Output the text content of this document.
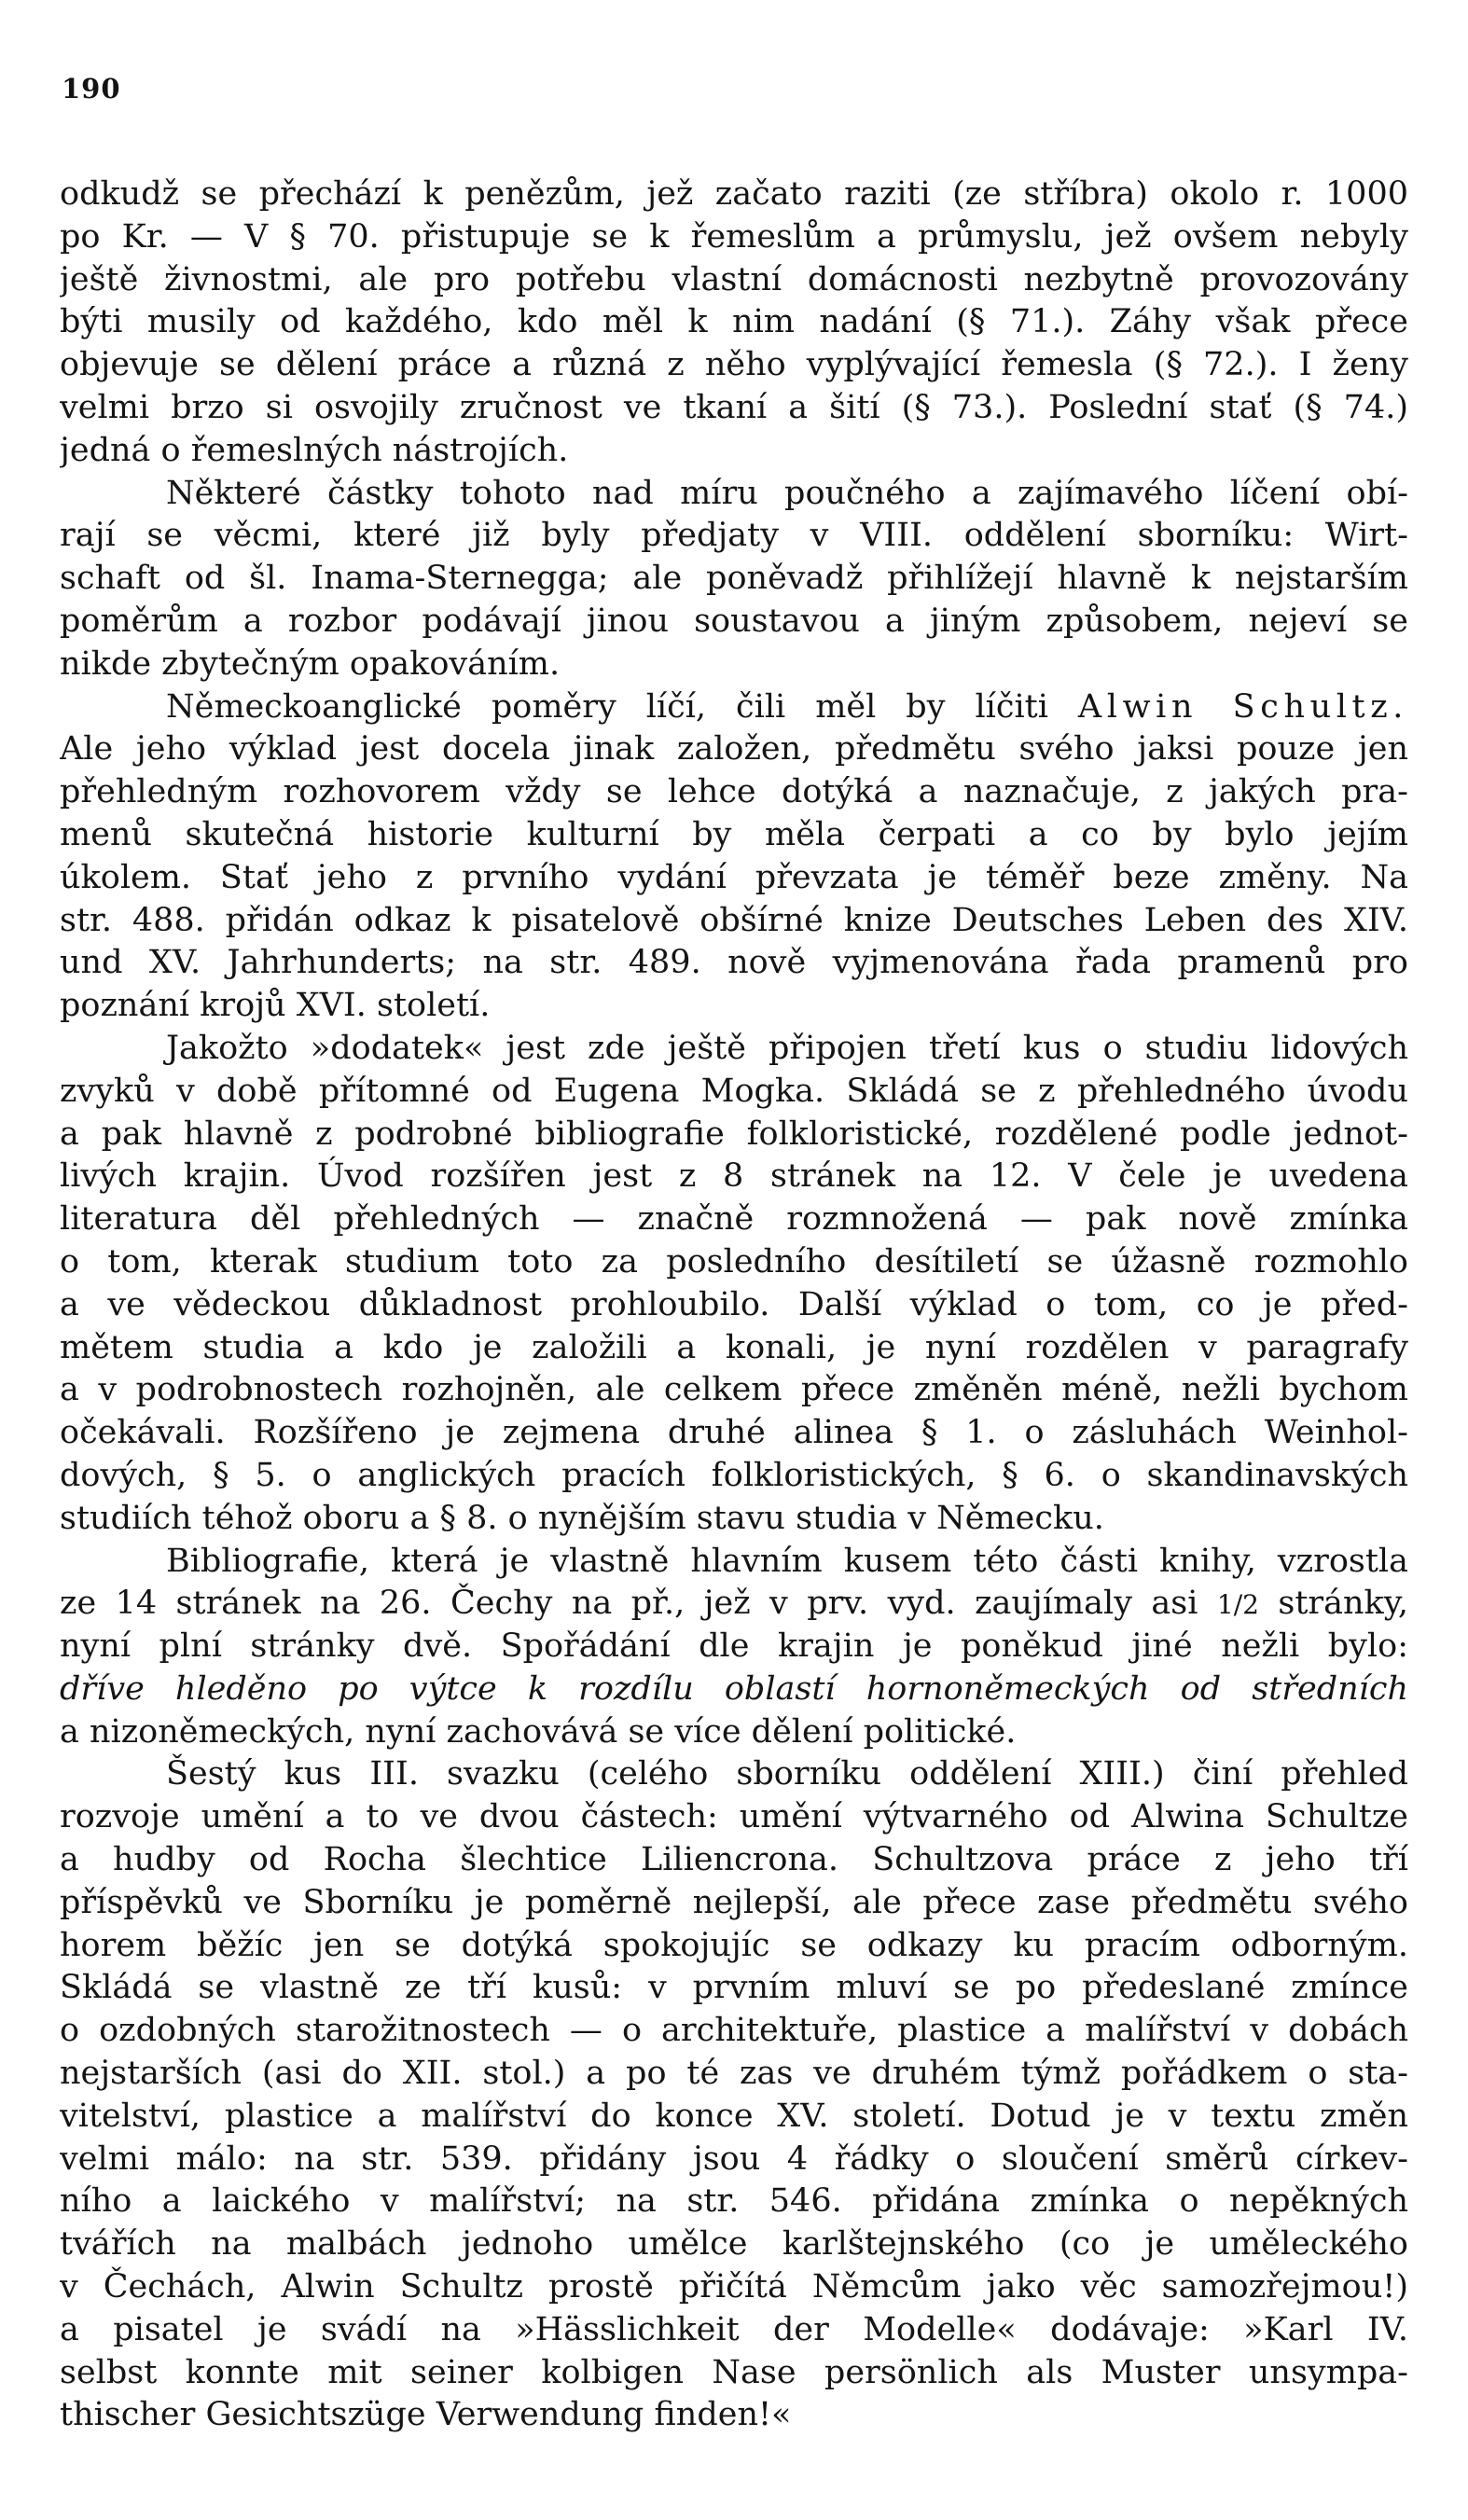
190
odkudž se přechází k penězům, jež začato raziti (ze stříbra) okolo r. 1000
po Kr. — V § 70. přistupuje se k řemeslům a průmyslu, jež ovšem nebyly
ještě živnostmi, ale pro potřebu vlastní domácnosti nezbytně provozovány
býti musily od každého, kdo měl k nim nadání (§ 71.). Záhy však přece
objevuje se dělení práce a různá z něho vyplývající řemesla (§ 72.). I ženy
velmi brzo si osvojily zručnost ve tkaní a šití (§ 73.). Poslední stať (§ 74.)
jedná o řemeslných nástrojích.
Některé částky tohoto nad míru poučného a zajímavého líčení obí-
rají se věcmi, které již byly předjaty v VIII. oddělení sborníku: Wirt-
schaft od šl. Inama-Sternegga; ale poněvadž přihlížejí hlavně k nejstarším
poměrům a rozbor podávají jinou soustavou a jiným způsobem, nejeví se
nikde zbytečným opakováním.
Německoanglické poměry líčí, čili měl by líčiti Alwin Schultz.
Ale jeho výklad jest docela jinak založen, předmětu svého jaksi pouze jen
přehledným rozhovorem vždy se lehce dotýká a naznačuje, z jakých pra-
menů skutečná historie kulturní by měla čerpati a co by bylo jejím
úkolem. Stať jeho z prvního vydání převzata je téměř beze změny. Na
str. 488. přidán odkaz k pisatelově obšírné knize Deutsches Leben des XIV.
und XV. Jahrhunderts; na str. 489. nově vyjmenována řada pramenů pro
poznání krojů XVI. století.
Jakožto »dodatek« jest zde ještě připojen třetí kus o studiu lidových
zvyků v době přítomné od Eugena Mogka. Skládá se z přehledného úvodu
a pak hlavně z podrobné bibliografie folkloristické, rozdělené podle jednot-
livých krajin. Úvod rozšířen jest z 8 stránek na 12. V čele je uvedena
literatura děl přehledných — značně rozmnožená — pak nově zmínka
o tom, kterak studium toto za posledního desítiletí se úžasně rozmohlo
a ve vědeckou důkladnost prohloubilo. Další výklad o tom, co je před-
mětem studia a kdo je založili a konali, je nyní rozdělen v paragrafy
a v podrobnostech rozhojněn, ale celkem přece změněn méně, nežli bychom
očekávali. Rozšířeno je zejmena druhé alinea § 1. o zásluhách Weinhol-
dových, § 5. o anglických pracích folkloristických, § 6. o skandinavských
studiích téhož oboru a § 8. o nynějším stavu studia v Německu.
Bibliografie, která je vlastně hlavním kusem této části knihy, vzrostla
ze 14 stránek na 26. Čechy na př., jež v prv. vyd. zaujímaly asi 1/2 stránky,
nyní plní stránky dvě. Spořádání dle krajin je poněkud jiné nežli bylo:
dříve hleděno po výtce k rozdílu oblastí hornoněmeckých od středních
a nizoněmeckých, nyní zachovává se více dělení politické.
Šestý kus III. svazku (celého sborníku oddělení XIII.) činí přehled
rozvoje umění a to ve dvou částech: umění výtvarného od Alwina Schultze
a hudby od Rocha šlechtice Liliencrona. Schultzova práce z jeho tří
příspěvků ve Sborníku je poměrně nejlepší, ale přece zase předmětu svého
horem běžíc jen se dotýká spokojujíc se odkazy ku pracím odborným.
Skládá se vlastně ze tří kusů: v prvním mluví se po předeslané zmínce
o ozdobných starožitnostech — o architektuře, plastice a malířství v dobách
nejstarších (asi do XII. stol.) a po té zas ve druhém týmž pořádkem o sta-
vitelství, plastice a malířství do konce XV. století. Dotud je v textu změn
velmi málo: na str. 539. přidány jsou 4 řádky o sloučení směrů církev-
ního a laického v malířství; na str. 546. přidána zmínka o nepěkných
tvářích na malbách jednoho umělce karlštejnského (co je uměleckého
v Čechách, Alwin Schultz prostě přičítá Němcům jako věc samozřejmou!)
a pisatel je svádí na »Hässlichkeit der Modelle« dodávaje: »Karl IV.
selbst konnte mit seiner kolbigen Nase persönlich als Muster unsympa-
thischer Gesichtszüge Verwendung finden!«
